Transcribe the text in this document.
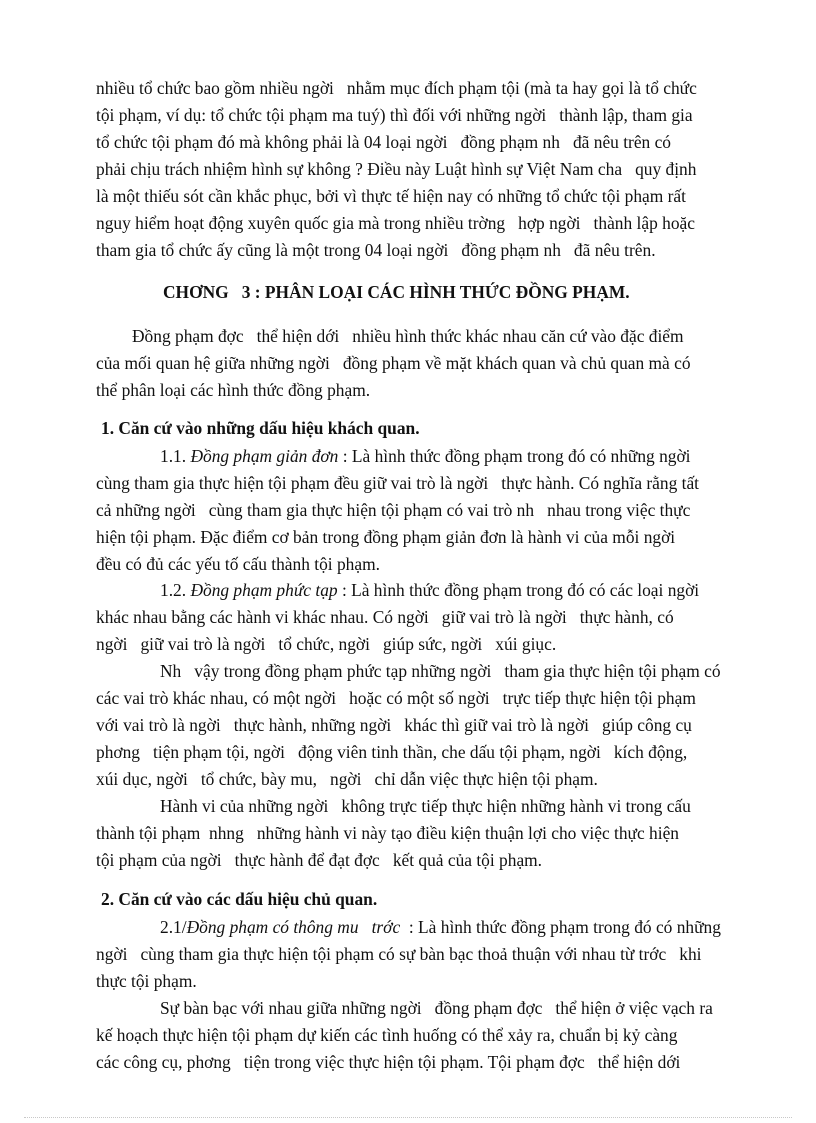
nhiều tổ chức bao gồm nhiều ngời   nhằm mục đích phạm tội (mà ta hay gọi là tổ chức
tội phạm, ví dụ: tổ chức tội phạm ma tuý) thì đối với những ngời   thành lập, tham gia
tổ chức tội phạm đó mà không phải là 04 loại ngời   đồng phạm nh   đã nêu trên có
phải chịu trách nhiệm hình sự không ? Điều này Luật hình sự Việt Nam cha   quy định
là một thiếu sót cần khắc phục, bởi vì thực tế hiện nay có những tổ chức tội phạm rất
nguy hiểm hoạt động xuyên quốc gia mà trong nhiều trờng   hợp ngời   thành lập hoặc
tham gia tổ chức ấy cũng là một trong 04 loại ngời   đồng phạm nh   đã nêu trên.
CHƠNG   3 : PHÂN LOẠI CÁC HÌNH THỨC ĐỒNG PHẠM.
Đồng phạm đợc   thể hiện dới   nhiều hình thức khác nhau căn cứ vào đặc điểm
của mối quan hệ giữa những ngời   đồng phạm về mặt khách quan và chủ quan mà có
thể phân loại các hình thức đồng phạm.
1. Căn cứ vào những dấu hiệu khách quan.
1.1. Đồng phạm giản đơn : Là hình thức đồng phạm trong đó có những ngời
cùng tham gia thực hiện tội phạm đều giữ vai trò là ngời   thực hành. Có nghĩa rằng tất
cả những ngời   cùng tham gia thực hiện tội phạm có vai trò nh   nhau trong việc thực
hiện tội phạm. Đặc điểm cơ bản trong đồng phạm giản đơn là hành vi của mỗi ngời
đều có đủ các yếu tố cấu thành tội phạm.
1.2. Đồng phạm phức tạp : Là hình thức đồng phạm trong đó có các loại ngời
khác nhau bằng các hành vi khác nhau. Có ngời   giữ vai trò là ngời   thực hành, có
ngời   giữ vai trò là ngời   tổ chức, ngời   giúp sức, ngời   xúi giục.
Nh   vậy trong đồng phạm phức tạp những ngời   tham gia thực hiện tội phạm có
các vai trò khác nhau, có một ngời   hoặc có một số ngời   trực tiếp thực hiện tội phạm
với vai trò là ngời   thực hành, những ngời   khác thì giữ vai trò là ngời   giúp công cụ
phơng   tiện phạm tội, ngời   động viên tinh thần, che dấu tội phạm, ngời   kích động,
xúi dục, ngời   tổ chức, bày mu,   ngời   chỉ dẫn việc thực hiện tội phạm.
Hành vi của những ngời   không trực tiếp thực hiện những hành vi trong cấu
thành tội phạm  nhng   những hành vi này tạo điều kiện thuận lợi cho việc thực hiện
tội phạm của ngời   thực hành để đạt đợc   kết quả của tội phạm.
2. Căn cứ vào các dấu hiệu chủ quan.
2.1/Đồng phạm có thông mu   trớc  : Là hình thức đồng phạm trong đó có những
ngời   cùng tham gia thực hiện tội phạm có sự bàn bạc thoả thuận với nhau từ trớc   khi
thực tội phạm.
Sự bàn bạc với nhau giữa những ngời   đồng phạm đợc   thể hiện ở việc vạch ra
kế hoạch thực hiện tội phạm dự kiến các tình huống có thể xảy ra, chuẩn bị kỷ càng
các công cụ, phơng   tiện trong việc thực hiện tội phạm. Tội phạm đợc   thể hiện dới
